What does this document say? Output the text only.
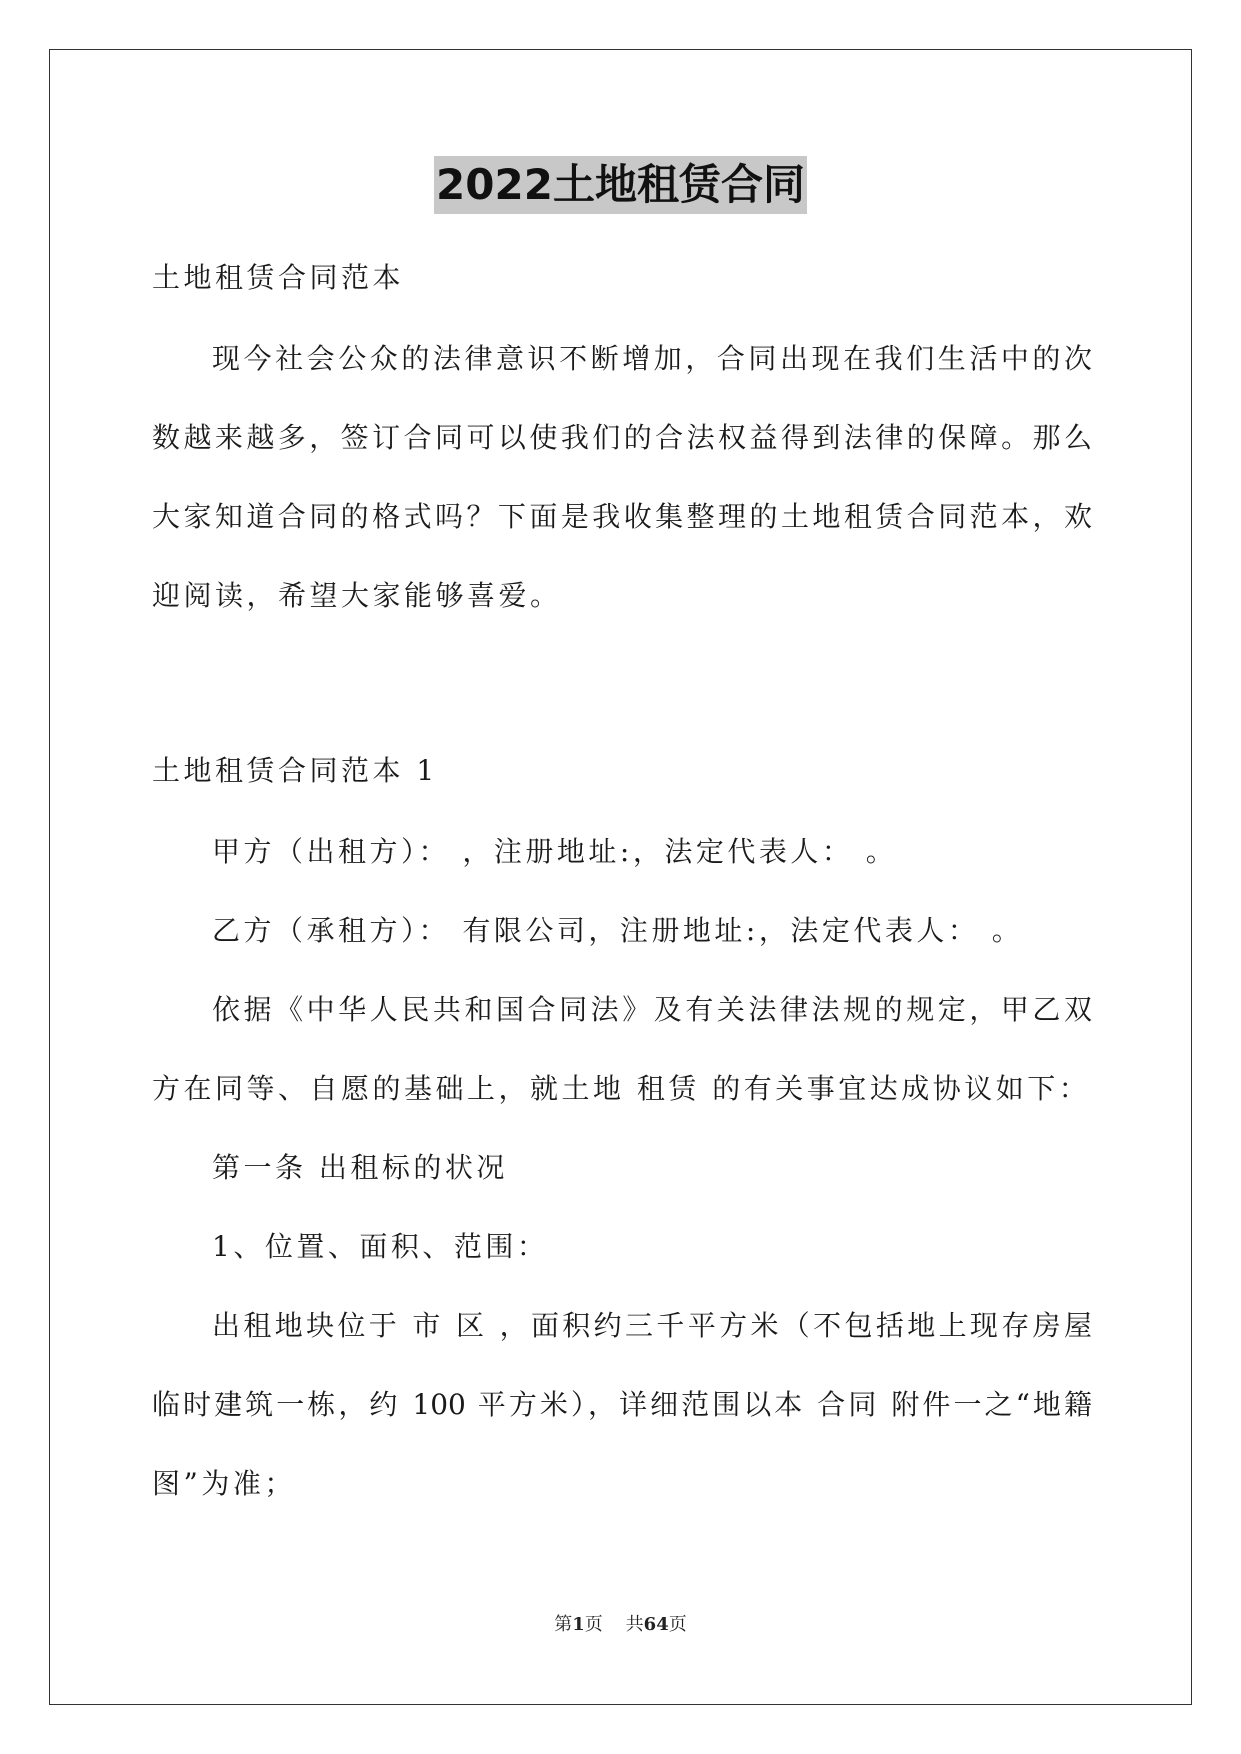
2022土地租赁合同
土地租赁合同范本
现今社会公众的法律意识不断增加，合同出现在我们生活中的次
数越来越多，签订合同可以使我们的合法权益得到法律的保障。那么
大家知道合同的格式吗？下面是我收集整理的土地租赁合同范本，欢
迎阅读，希望大家能够喜爱。
土地租赁合同范本 1
甲方（出租方）： ，注册地址:，法定代表人： 。
乙方（承租方）： 有限公司，注册地址:，法定代表人： 。
依据《中华人民共和国合同法》及有关法律法规的规定，甲乙双
方在同等、自愿的基础上，就土地 租赁 的有关事宜达成协议如下：
第一条 出租标的状况
1、位置、面积、范围：
出租地块位于 市 区 ，面积约三千平方米（不包括地上现存房屋
临时建筑一栋，约 100 平方米），详细范围以本 合同 附件一之“地籍
图”为准；
第1页 共64页
